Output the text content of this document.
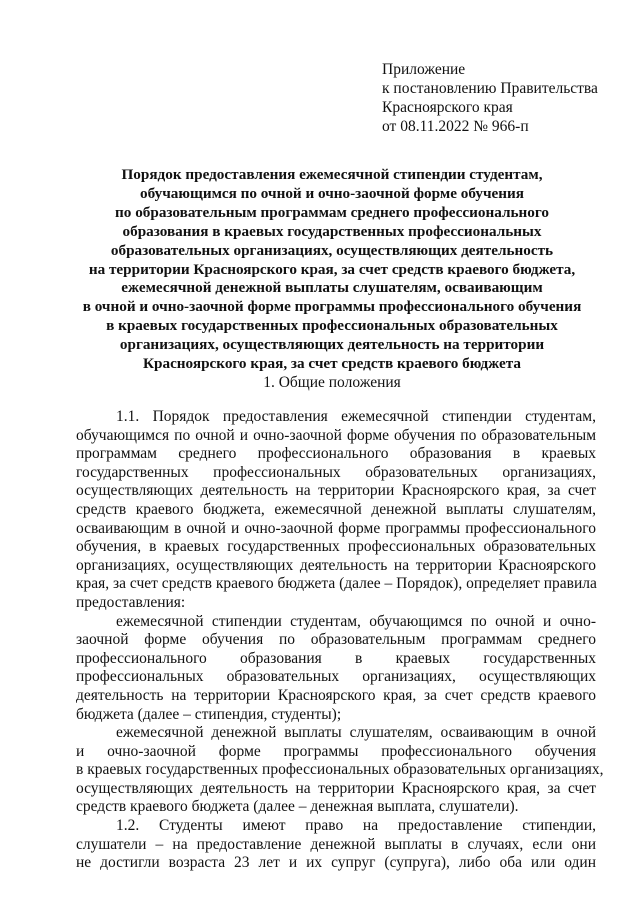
Приложение
к постановлению Правительства
Красноярского края
от 08.11.2022 № 966-п
Порядок предоставления ежемесячной стипендии студентам,
обучающимся по очной и очно-заочной форме обучения
по образовательным программам среднего профессионального
образования в краевых государственных профессиональных
образовательных организациях, осуществляющих деятельность
на территории Красноярского края, за счет средств краевого бюджета,
ежемесячной денежной выплаты слушателям, осваивающим
в очной и очно-заочной форме программы профессионального обучения
в краевых государственных профессиональных образовательных
организациях, осуществляющих деятельность на территории
Красноярского края, за счет средств краевого бюджета
1. Общие положения
1.1. Порядок предоставления ежемесячной стипендии студентам,
обучающимся по очной и очно-заочной форме обучения по образовательным
программам среднего профессионального образования в краевых
государственных профессиональных образовательных организациях,
осуществляющих деятельность на территории Красноярского края, за счет
средств краевого бюджета, ежемесячной денежной выплаты слушателям,
осваивающим в очной и очно-заочной форме программы профессионального
обучения, в краевых государственных профессиональных образовательных
организациях, осуществляющих деятельность на территории Красноярского
края, за счет средств краевого бюджета (далее – Порядок), определяет правила
предоставления:
ежемесячной стипендии студентам, обучающимся по очной и очно-
заочной форме обучения по образовательным программам среднего
профессионального образования в краевых государственных
профессиональных образовательных организациях, осуществляющих
деятельность на территории Красноярского края, за счет средств краевого
бюджета (далее – стипендия, студенты);
ежемесячной денежной выплаты слушателям, осваивающим в очной
и очно-заочной форме программы профессионального обучения
в краевых государственных профессиональных образовательных организациях,
осуществляющих деятельность на территории Красноярского края, за счет
средств краевого бюджета (далее – денежная выплата, слушатели).
1.2. Студенты имеют право на предоставление стипендии,
слушатели – на предоставление денежной выплаты в случаях, если они
не достигли возраста 23 лет и их супруг (супруга), либо оба или один
